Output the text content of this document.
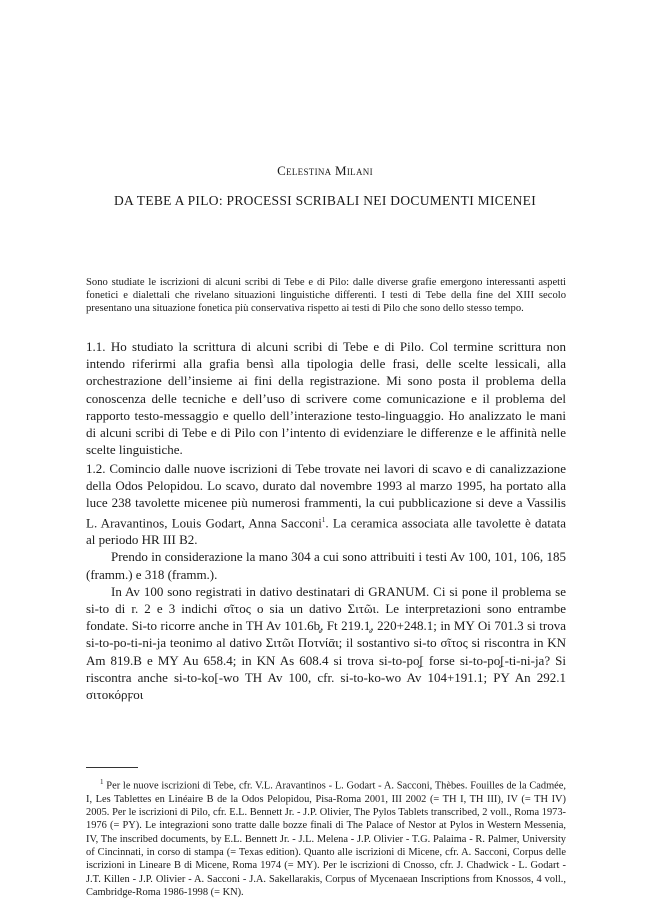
Celestina Milani
DA TEBE A PILO: PROCESSI SCRIBALI NEI DOCUMENTI MICENEI
Sono studiate le iscrizioni di alcuni scribi di Tebe e di Pilo: dalle diverse grafie emergono interessanti aspetti fonetici e dialettali che rivelano situazioni linguistiche differenti. I testi di Tebe della fine del XIII secolo presentano una situazione fonetica più conservativa rispetto ai testi di Pilo che sono dello stesso tempo.
1.1. Ho studiato la scrittura di alcuni scribi di Tebe e di Pilo. Col termine scrittura non intendo riferirmi alla grafia bensì alla tipologia delle frasi, delle scelte lessicali, alla orchestrazione dell’insieme ai fini della registrazione. Mi sono posta il problema della conoscenza delle tecniche e dell’uso di scrivere come comunicazione e il problema del rapporto testo-messaggio e quello dell’interazione testo-linguaggio. Ho analizzato le mani di alcuni scribi di Tebe e di Pilo con l’intento di evidenziare le differenze e le affinità nelle scelte linguistiche.
1.2. Comincio dalle nuove iscrizioni di Tebe trovate nei lavori di scavo e di canalizzazione della Odos Pelopidou. Lo scavo, durato dal novembre 1993 al marzo 1995, ha portato alla luce 238 tavolette micenee più numerosi frammenti, la cui pubblicazione si deve a Vassilis L. Aravantinos, Louis Godart, Anna Sacconi$^1$. La ceramica associata alle tavolette è datata al periodo HR III B2.
Prendo in considerazione la mano 304 a cui sono attribuiti i testi Av 100, 101, 106, 185 (framm.) e 318 (framm.).
In Av 100 sono registrati in dativo destinatari di GRANUM. Ci si pone il problema se si-to di r. 2 e 3 indichi σῖτος o sia un dativo Σιτῶι. Le interpretazioni sono entrambe fondate. Si-to ricorre anche in TH Av 101.6b̥, Ft 219.1̥, 220+248.1; in MY Oi 701.3 si trova si-to-po-ti-ni-ja teonimo al dativo Σιτῶι Ποτνίᾱι; il sostantivo si-to σῖτος si riscontra in KN Am 819.B e MY Au 658.4; in KN As 608.4 si trova si-to-po̥[ forse si-to-po̥[-ti-ni-ja? Si riscontra anche si-to-ko[-wo TH Av 100, cfr. si-to-ko-wo Av 104+191.1; PY An 292.1 σιτοκόρϝοι
$^1$ Per le nuove iscrizioni di Tebe, cfr. V.L. Aravantinos - L. Godart - A. Sacconi, Thèbes. Fouilles de la Cadmée, I, Les Tablettes en Linéaire B de la Odos Pelopidou, Pisa-Roma 2001, III 2002 (= TH I, TH III), IV (= TH IV) 2005. Per le iscrizioni di Pilo, cfr. E.L. Bennett Jr. - J.P. Olivier, The Pylos Tablets transcribed, 2 voll., Roma 1973-1976 (= PY). Le integrazioni sono tratte dalle bozze finali di The Palace of Nestor at Pylos in Western Messenia, IV, The inscribed documents, by E.L. Bennett Jr. - J.L. Melena - J.P. Olivier - T.G. Palaima - R. Palmer, University of Cincinnati, in corso di stampa (= Texas edition). Quanto alle iscrizioni di Micene, cfr. A. Sacconi, Corpus delle iscrizioni in Lineare B di Micene, Roma 1974 (= MY). Per le iscrizioni di Cnosso, cfr. J. Chadwick - L. Godart - J.T. Killen - J.P. Olivier - A. Sacconi - J.A. Sakellarakis, Corpus of Mycenaean Inscriptions from Knossos, 4 voll., Cambridge-Roma 1986-1998 (= KN).
